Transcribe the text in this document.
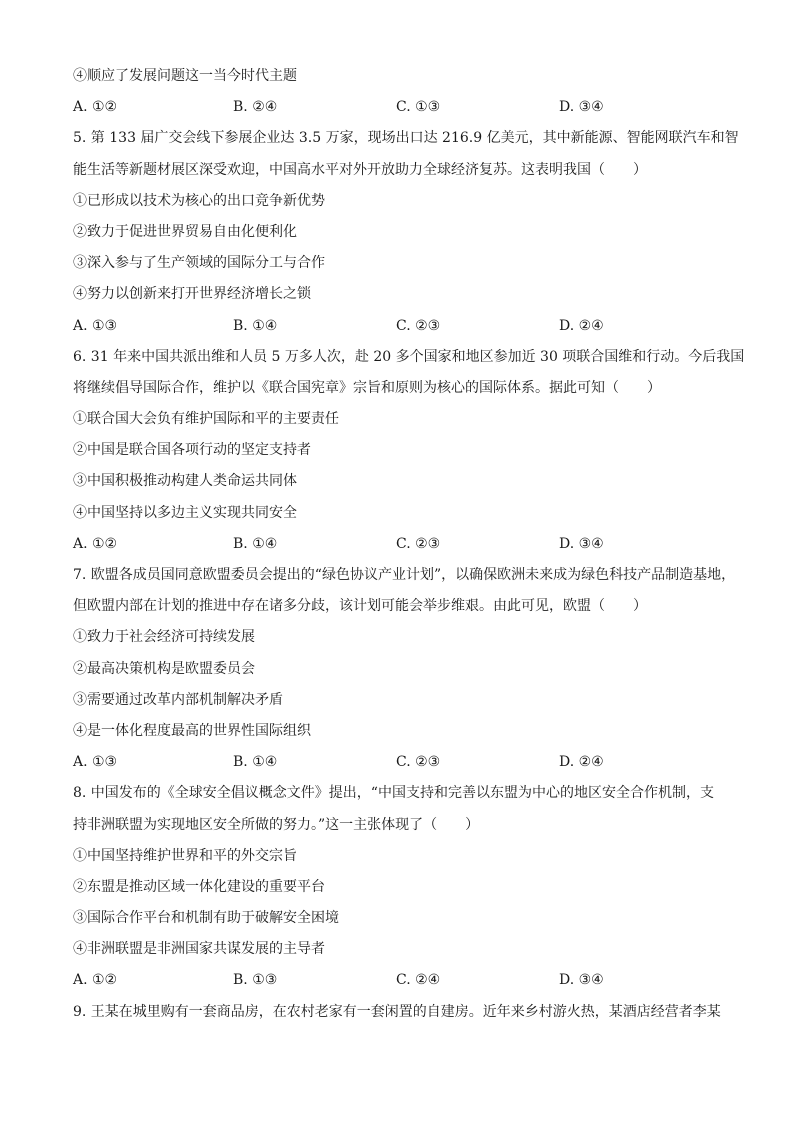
④顺应了发展问题这一当今时代主题
A. ①②	B. ②④	C. ①③	D. ③④
5. 第 133 届广交会线下参展企业达 3.5 万家，现场出口达 216.9 亿美元，其中新能源、智能网联汽车和智
能生活等新题材展区深受欢迎，中国高水平对外开放助力全球经济复苏。这表明我国（　　）
①已形成以技术为核心的出口竞争新优势
②致力于促进世界贸易自由化便利化
③深入参与了生产领域的国际分工与合作
④努力以创新来打开世界经济增长之锁
A. ①③	B. ①④	C. ②③	D. ②④
6. 31 年来中国共派出维和人员 5 万多人次，赴 20 多个国家和地区参加近 30 项联合国维和行动。今后我国
将继续倡导国际合作，维护以《联合国宪章》宗旨和原则为核心的国际体系。据此可知（　　）
①联合国大会负有维护国际和平的主要责任
②中国是联合国各项行动的坚定支持者
③中国积极推动构建人类命运共同体
④中国坚持以多边主义实现共同安全
A. ①②	B. ①④	C. ②③	D. ③④
7. 欧盟各成员国同意欧盟委员会提出的“绿色协议产业计划”，以确保欧洲未来成为绿色科技产品制造基地，
但欧盟内部在计划的推进中存在诸多分歧，该计划可能会举步维艰。由此可见，欧盟（　　）
①致力于社会经济可持续发展
②最高决策机构是欧盟委员会
③需要通过改革内部机制解决矛盾
④是一体化程度最高的世界性国际组织
A. ①③	B. ①④	C. ②③	D. ②④
8. 中国发布的《全球安全倡议概念文件》提出，“中国支持和完善以东盟为中心的地区安全合作机制，支
持非洲联盟为实现地区安全所做的努力。”这一主张体现了（　　）
①中国坚持维护世界和平的外交宗旨
②东盟是推动区域一体化建设的重要平台
③国际合作平台和机制有助于破解安全困境
④非洲联盟是非洲国家共谋发展的主导者
A. ①②	B. ①③	C. ②④	D. ③④
9. 王某在城里购有一套商品房，在农村老家有一套闲置的自建房。近年来乡村游火热，某酒店经营者李某
